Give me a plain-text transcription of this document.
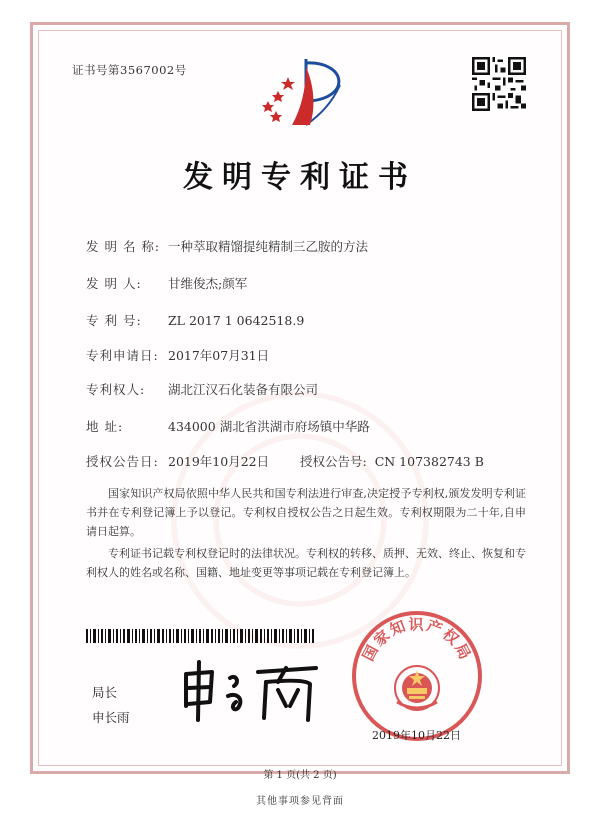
证书号第3567002号
发明专利证书
发 明 名 称: 一种萃取精馏提纯精制三乙胺的方法
发 明 人: 甘维俊杰;颜军
专 利 号: ZL 2017 1 0642518.9
专利申请日: 2017年07月31日
专利权人: 湖北江汉石化装备有限公司
地 址:	434000 湖北省洪湖市府场镇中华路
授权公告日: 2019年10月22日 授权公告号: CN 107382743 B
国家知识产权局依照中华人民共和国专利法进行审查,决定授予专利权,颁发发明专利证书并在专利登记簿上予以登记。专利权自授权公告之日起生效。专利权期限为二十年,自申请日起算。
专利证书记载专利权登记时的法律状况。专利权的转移、质押、无效、终止、恢复和专利权人的姓名或名称、国籍、地址变更等事项记载在专利登记簿上。
局长
申长雨
国家知识产权局
2019年10月22日
第 1 页(共 2 页)
其他事项参见背面
